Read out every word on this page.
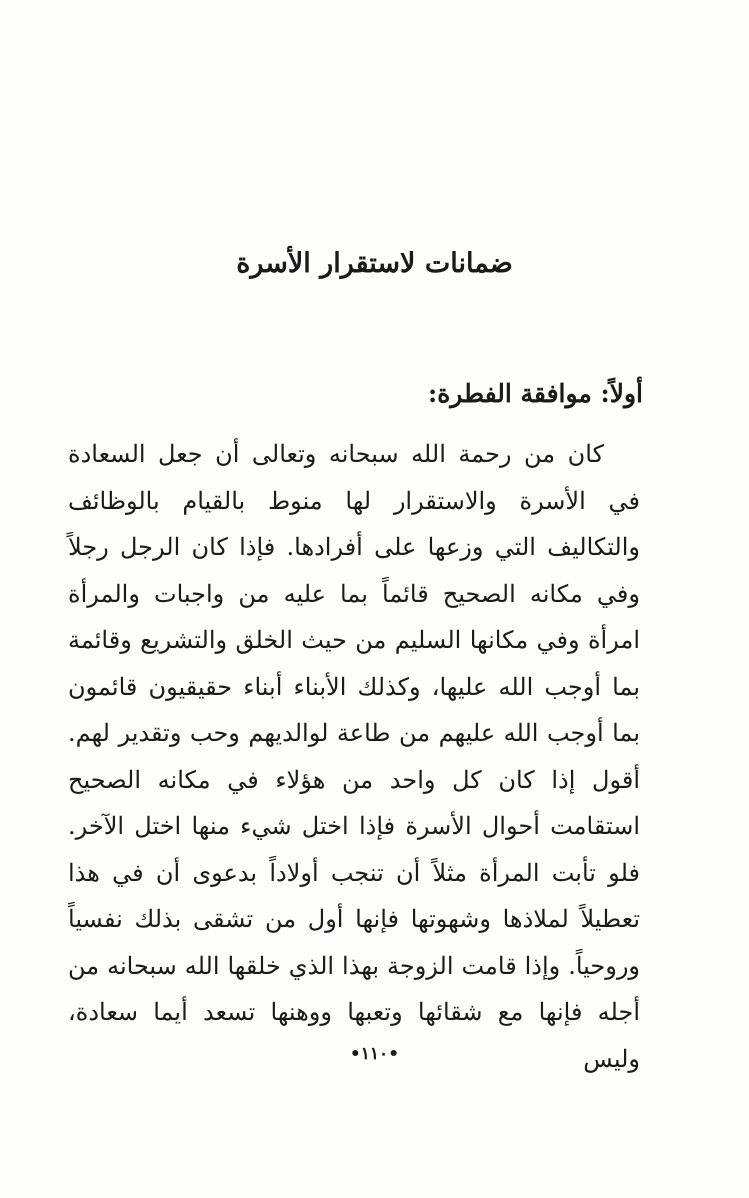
ضمانات لاستقرار الأسرة
أولاً: موافقة الفطرة:

كان من رحمة الله سبحانه وتعالى أن جعل السعادة في الأسرة والاستقرار لها منوط بالقيام بالوظائف والتكاليف التي وزعها على أفرادها. فإذا كان الرجل رجلاً وفي مكانه الصحيح قائماً بما عليه من واجبات والمرأة امرأة وفي مكانها السليم من حيث الخلق والتشريع وقائمة بما أوجب الله عليها، وكذلك الأبناء أبناء حقيقيون قائمون بما أوجب الله عليهم من طاعة لوالديهم وحب وتقدير لهم. أقول إذا كان كل واحد من هؤلاء في مكانه الصحيح استقامت أحوال الأسرة فإذا اختل شيء منها اختل الآخر. فلو تأبت المرأة مثلاً أن تنجب أولاداً بدعوى أن في هذا تعطيلاً لملاذها وشهوتها فإنها أول من تشقى بذلك نفسياً وروحياً. وإذا قامت الزوجة بهذا الذي خلقها الله سبحانه من أجله فإنها مع شقائها وتعبها ووهنها تسعد أيما سعادة، وليس

•١١٠•
